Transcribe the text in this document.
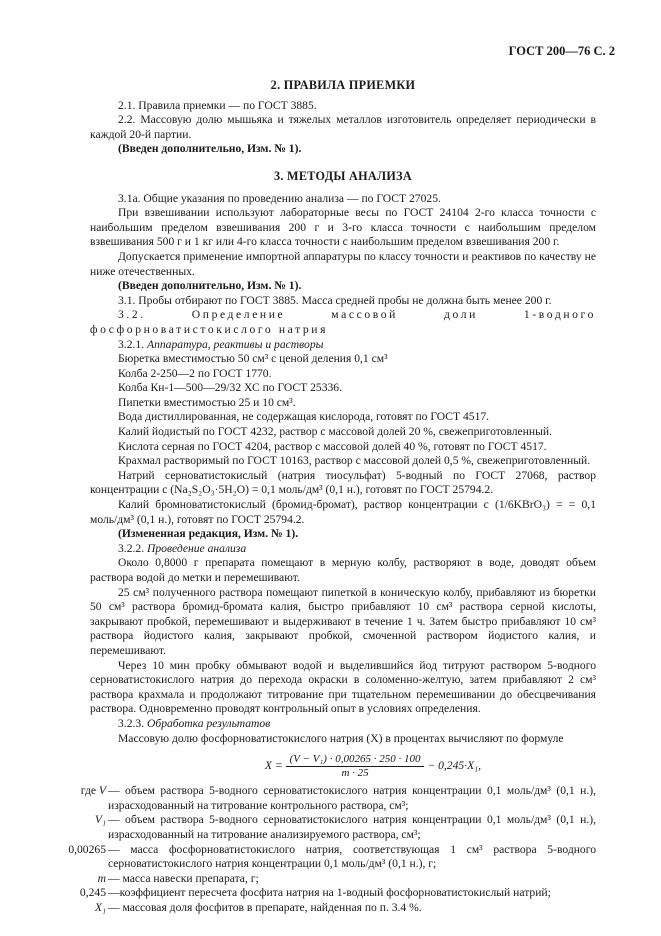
ГОСТ 200—76 С. 2
2. ПРАВИЛА ПРИЕМКИ

2.1. Правила приемки — по ГОСТ 3885.

2.2. Массовую долю мышьяка и тяжелых металлов изготовитель определяет периодически в каждой 20-й партии.

(Введен дополнительно, Изм. № 1).

3. МЕТОДЫ АНАЛИЗА

3.1а. Общие указания по проведению анализа — по ГОСТ 27025.

При взвешивании используют лабораторные весы по ГОСТ 24104 2-го класса точности с наибольшим пределом взвешивания 200 г и 3-го класса точности с наибольшим пределом взвешивания 500 г и 1 кг или 4-го класса точности с наибольшим пределом взвешивания 200 г.

Допускается применение импортной аппаратуры по классу точности и реактивов по качеству не ниже отечественных.

(Введен дополнительно, Изм. № 1).

3.1. Пробы отбирают по ГОСТ 3885. Масса средней пробы не должна быть менее 200 г.

3.2. Определение массовой доли 1-водного фосфорноватистокислого натрия

3.2.1. Аппаратура, реактивы и растворы

Бюретка вместимостью 50 см³ с ценой деления 0,1 см³

Колба 2-250—2 по ГОСТ 1770.

Колба Кн-1—500—29/32 ХС по ГОСТ 25336.

Пипетки вместимостью 25 и 10 см³.

Вода дистиллированная, не содержащая кислорода, готовят по ГОСТ 4517.

Калий йодистый по ГОСТ 4232, раствор с массовой долей 20 %, свежеприготовленный.

Кислота серная по ГОСТ 4204, раствор с массовой долей 40 %, готовят по ГОСТ 4517.

Крахмал растворимый по ГОСТ 10163, раствор с массовой долей 0,5 %, свежеприготовленный.

Натрий серноватистокислый (натрия тиосульфат) 5-водный по ГОСТ 27068, раствор концентрации c (Na₂S₂O₃·5H₂O) = 0,1 моль/дм³ (0,1 н.), готовят по ГОСТ 25794.2.

Калий бромноватистокислый (бромид-бромат), раствор концентрации c (1/6KBrO₃) = = 0,1 моль/дм³ (0,1 н.), готовят по ГОСТ 25794.2.

(Измененная редакция, Изм. № 1).

3.2.2. Проведение анализа

Около 0,8000 г препарата помещают в мерную колбу, растворяют в воде, доводят объем раствора водой до метки и перемешивают.

25 см³ полученного раствора помещают пипеткой в коническую колбу, прибавляют из бюретки 50 см³ раствора бромид-бромата калия, быстро прибавляют 10 см³ раствора серной кислоты, закрывают пробкой, перемешивают и выдерживают в течение 1 ч. Затем быстро прибавляют 10 см³ раствора йодистого калия, закрывают пробкой, смоченной раствором йодистого калия, и перемешивают.

Через 10 мин пробку обмывают водой и выделившийся йод титруют раствором 5-водного серноватистокислого натрия до перехода окраски в соломенно-желтую, затем прибавляют 2 см³ раствора крахмала и продолжают титрование при тщательном перемешивании до обесцвечивания раствора. Одновременно проводят контрольный опыт в условиях определения.

3.2.3. Обработка результатов

Массовую долю фосфорноватистокислого натрия (X) в процентах вычисляют по формуле

$X = \frac{\text{(V − V₁) · 0,00265 · 250 · 100}}{m \cdot 25} - 0,245\cdot X_1$,
где V — объем раствора 5-водного серноватистокислого натрия концентрации 0,1 моль/дм³ (0,1 н.), израсходованный на титрование контрольного раствора, см³;
V₁ — объем раствора 5-водного серноватистокислого натрия концентрации 0,1 моль/дм³ (0,1 н.), израсходованный на титрование анализируемого раствора, см³;
0,00265 — масса фосфорноватистокислого натрия, соответствующая 1 см³ раствора 5-водного серноватистокислого натрия концентрации 0,1 моль/дм³ (0,1 н.), г;
m — масса навески препарата, г;
0,245 —коэффициент пересчета фосфита натрия на 1-водный фосфорноватистокислый натрий;
X₁ — массовая доля фосфитов в препарате, найденная по п. 3.4 %.
